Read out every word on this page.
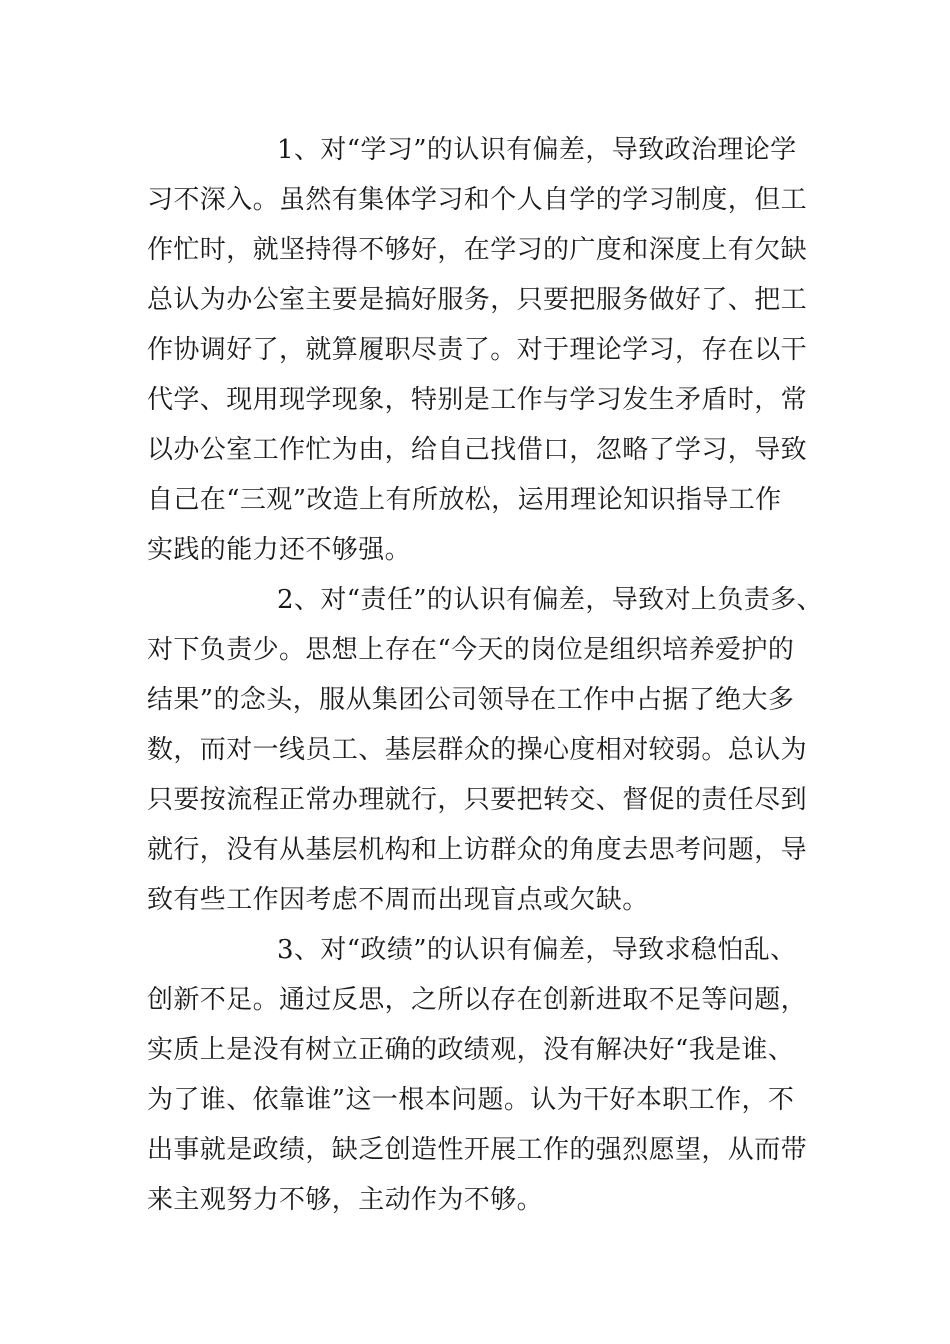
1、对“学习”的认识有偏差，导致政治理论学
习不深入。虽然有集体学习和个人自学的学习制度，但工
作忙时，就坚持得不够好，在学习的广度和深度上有欠缺
总认为办公室主要是搞好服务，只要把服务做好了、把工
作协调好了，就算履职尽责了。对于理论学习，存在以干
代学、现用现学现象，特别是工作与学习发生矛盾时，常
以办公室工作忙为由，给自己找借口，忽略了学习，导致
自己在“三观”改造上有所放松，运用理论知识指导工作
实践的能力还不够强。
2、对“责任”的认识有偏差，导致对上负责多、
对下负责少。思想上存在“今天的岗位是组织培养爱护的
结果”的念头，服从集团公司领导在工作中占据了绝大多
数，而对一线员工、基层群众的操心度相对较弱。总认为
只要按流程正常办理就行，只要把转交、督促的责任尽到
就行，没有从基层机构和上访群众的角度去思考问题，导
致有些工作因考虑不周而出现盲点或欠缺。
3、对“政绩”的认识有偏差，导致求稳怕乱、
创新不足。通过反思，之所以存在创新进取不足等问题，
实质上是没有树立正确的政绩观，没有解决好“我是谁、
为了谁、依靠谁”这一根本问题。认为干好本职工作，不
出事就是政绩，缺乏创造性开展工作的强烈愿望，从而带
来主观努力不够，主动作为不够。
